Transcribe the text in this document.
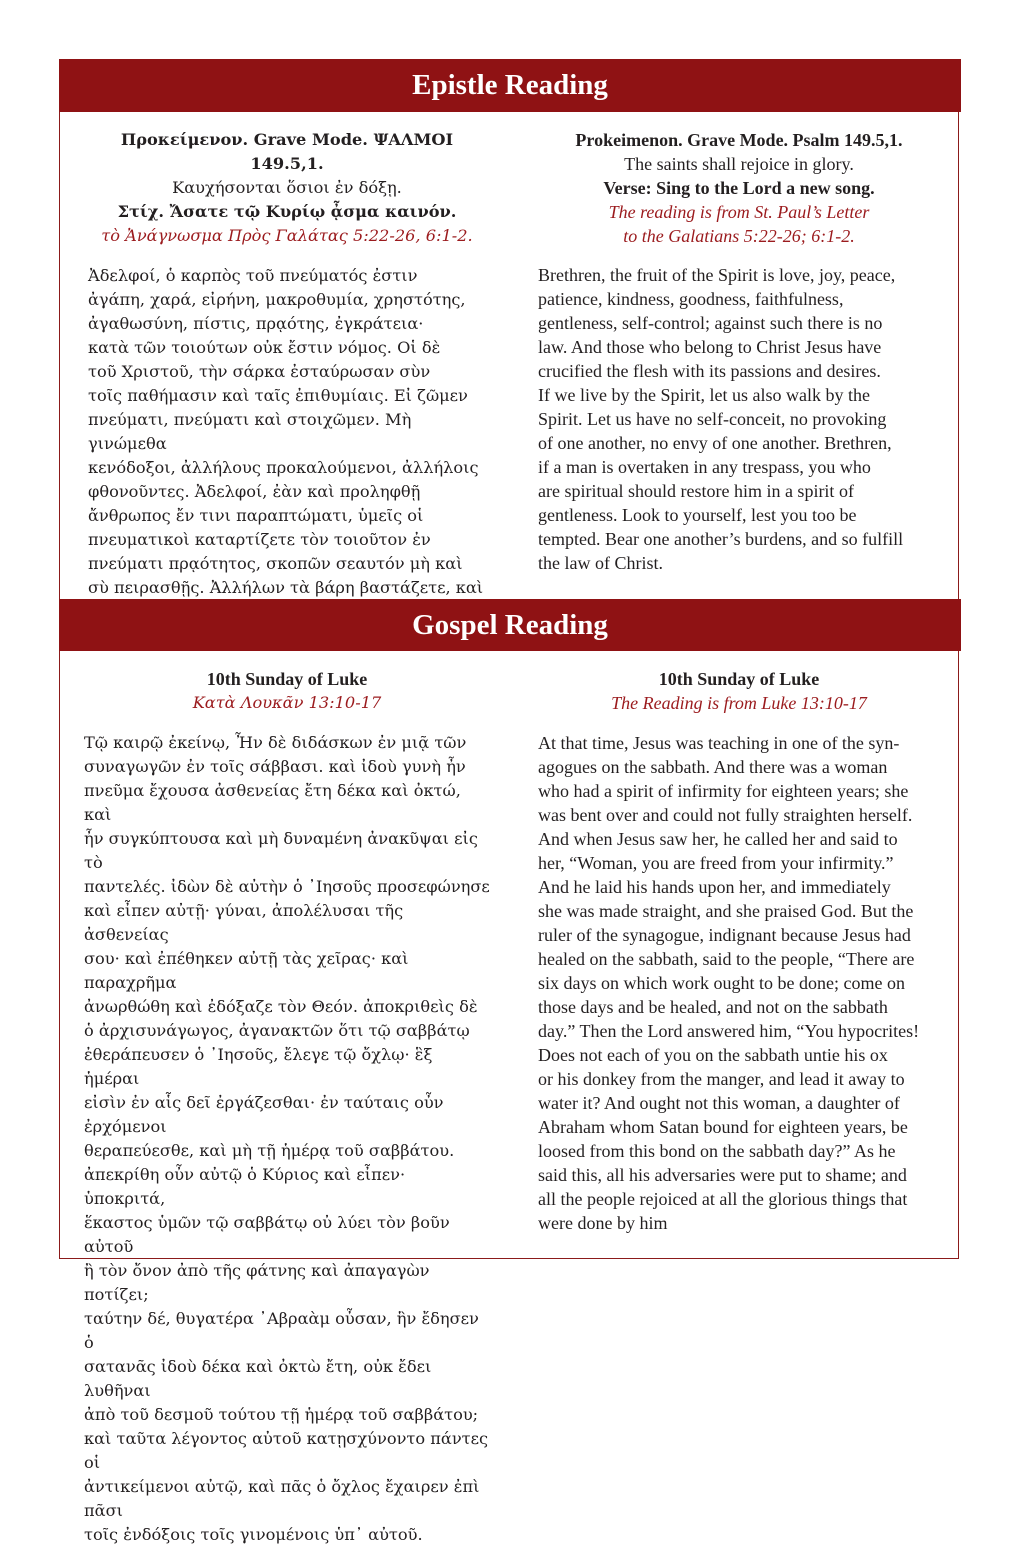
Epistle Reading
Προκείμενον. Grave Mode. ΨΑΛΜΟΙ 149.5,1.
Καυχήσονται ὅσιοι ἐν δόξῃ.
Στίχ. Ἄσατε τῷ Κυρίῳ ᾆσμα καινόν.
τὸ Ἀνάγνωσμα Πρὸς Γαλάτας 5:22-26, 6:1-2.
Ἀδελφοί, ὁ καρπὸς τοῦ πνεύματός ἐστιν
ἀγάπη, χαρά, εἰρήνη, μακροθυμία, χρηστότης,
ἀγαθωσύνη, πίστις, πρᾳότης, ἐγκράτεια·
κατὰ τῶν τοιούτων οὐκ ἔστιν νόμος. Οἱ δὲ
τοῦ Χριστοῦ, τὴν σάρκα ἐσταύρωσαν σὺν
τοῖς παθήμασιν καὶ ταῖς ἐπιθυμίαις. Εἰ ζῶμεν
πνεύματι, πνεύματι καὶ στοιχῶμεν. Μὴ γινώμεθα
κενόδοξοι, ἀλλήλους προκαλούμενοι, ἀλλήλοις
φθονοῦντες. Ἀδελφοί, ἐὰν καὶ προληφθῇ
ἄνθρωπος ἔν τινι παραπτώματι, ὑμεῖς οἱ
πνευματικοὶ καταρτίζετε τὸν τοιοῦτον ἐν
πνεύματι πρᾳότητος, σκοπῶν σεαυτόν μὴ καὶ
σὺ πειρασθῇς. Ἀλλήλων τὰ βάρη βαστάζετε, καὶ

Prokeimenon. Grave Mode. Psalm 149.5,1.
The saints shall rejoice in glory.
Verse: Sing to the Lord a new song.
The reading is from St. Paul’s Letter
to the Galatians 5:22-26; 6:1-2.
Brethren, the fruit of the Spirit is love, joy, peace,
patience, kindness, goodness, faithfulness,
gentleness, self-control; against such there is no
law. And those who belong to Christ Jesus have
crucified the flesh with its passions and desires.
If we live by the Spirit, let us also walk by the
Spirit. Let us have no self-conceit, no provoking
of one another, no envy of one another. Brethren,
if a man is overtaken in any trespass, you who
are spiritual should restore him in a spirit of
gentleness. Look to yourself, lest you too be
tempted. Bear one another’s burdens, and so fulfill
the law of Christ.
Gospel Reading
10th Sunday of Luke
Κατὰ Λουκᾶν 13:10-17
Τῷ καιρῷ ἐκείνῳ, Ἦν δὲ διδάσκων ἐν μιᾷ τῶν
συναγωγῶν ἐν τοῖς σάββασι. καὶ ἰδοὺ γυνὴ ἦν
πνεῦμα ἔχουσα ἀσθενείας ἔτη δέκα καὶ ὀκτώ, καὶ
ἦν συγκύπτουσα καὶ μὴ δυναμένη ἀνακῦψαι εἰς τὸ
παντελές. ἰδὼν δὲ αὐτὴν ὁ ᾿Ιησοῦς προσεφώνησε
καὶ εἶπεν αὐτῇ· γύναι, ἀπολέλυσαι τῆς ἀσθενείας
σου· καὶ ἐπέθηκεν αὐτῇ τὰς χεῖρας· καὶ παραχρῆμα
ἀνωρθώθη καὶ ἐδόξαζε τὸν Θεόν. ἀποκριθεὶς δὲ
ὁ ἀρχισυνάγωγος, ἀγανακτῶν ὅτι τῷ σαββάτῳ
ἐθεράπευσεν ὁ ᾿Ιησοῦς, ἔλεγε τῷ ὄχλῳ· ἓξ ἡμέραι
εἰσὶν ἐν αἷς δεῖ ἐργάζεσθαι· ἐν ταύταις οὖν ἐρχόμενοι
θεραπεύεσθε, καὶ μὴ τῇ ἡμέρᾳ τοῦ σαββάτου.
ἀπεκρίθη οὖν αὐτῷ ὁ Κύριος καὶ εἶπεν· ὑποκριτά,
ἕκαστος ὑμῶν τῷ σαββάτῳ οὐ λύει τὸν βοῦν αὐτοῦ
ἢ τὸν ὄνον ἀπὸ τῆς φάτνης καὶ ἀπαγαγὼν ποτίζει;
ταύτην δέ, θυγατέρα ᾿Αβραὰμ οὖσαν, ἣν ἔδησεν ὁ
σατανᾶς ἰδοὺ δέκα καὶ ὀκτὼ ἔτη, οὐκ ἔδει λυθῆναι
ἀπὸ τοῦ δεσμοῦ τούτου τῇ ἡμέρᾳ τοῦ σαββάτου;
καὶ ταῦτα λέγοντος αὐτοῦ κατῃσχύνοντο πάντες οἱ
ἀντικείμενοι αὐτῷ, καὶ πᾶς ὁ ὄχλος ἔχαιρεν ἐπὶ πᾶσι
τοῖς ἐνδόξοις τοῖς γινομένοις ὑπ᾿ αὐτοῦ.
10th Sunday of Luke
The Reading is from Luke 13:10-17
At that time, Jesus was teaching in one of the syn-
agogues on the sabbath. And there was a woman
who had a spirit of infirmity for eighteen years; she
was bent over and could not fully straighten herself.
And when Jesus saw her, he called her and said to
her, “Woman, you are freed from your infirmity.”
And he laid his hands upon her, and immediately
she was made straight, and she praised God. But the
ruler of the synagogue, indignant because Jesus had
healed on the sabbath, said to the people, “There are
six days on which work ought to be done; come on
those days and be healed, and not on the sabbath
day.” Then the Lord answered him, “You hypocrites!
Does not each of you on the sabbath untie his ox
or his donkey from the manger, and lead it away to
water it? And ought not this woman, a daughter of
Abraham whom Satan bound for eighteen years, be
loosed from this bond on the sabbath day?” As he
said this, all his adversaries were put to shame; and
all the people rejoiced at all the glorious things that
were done by him
